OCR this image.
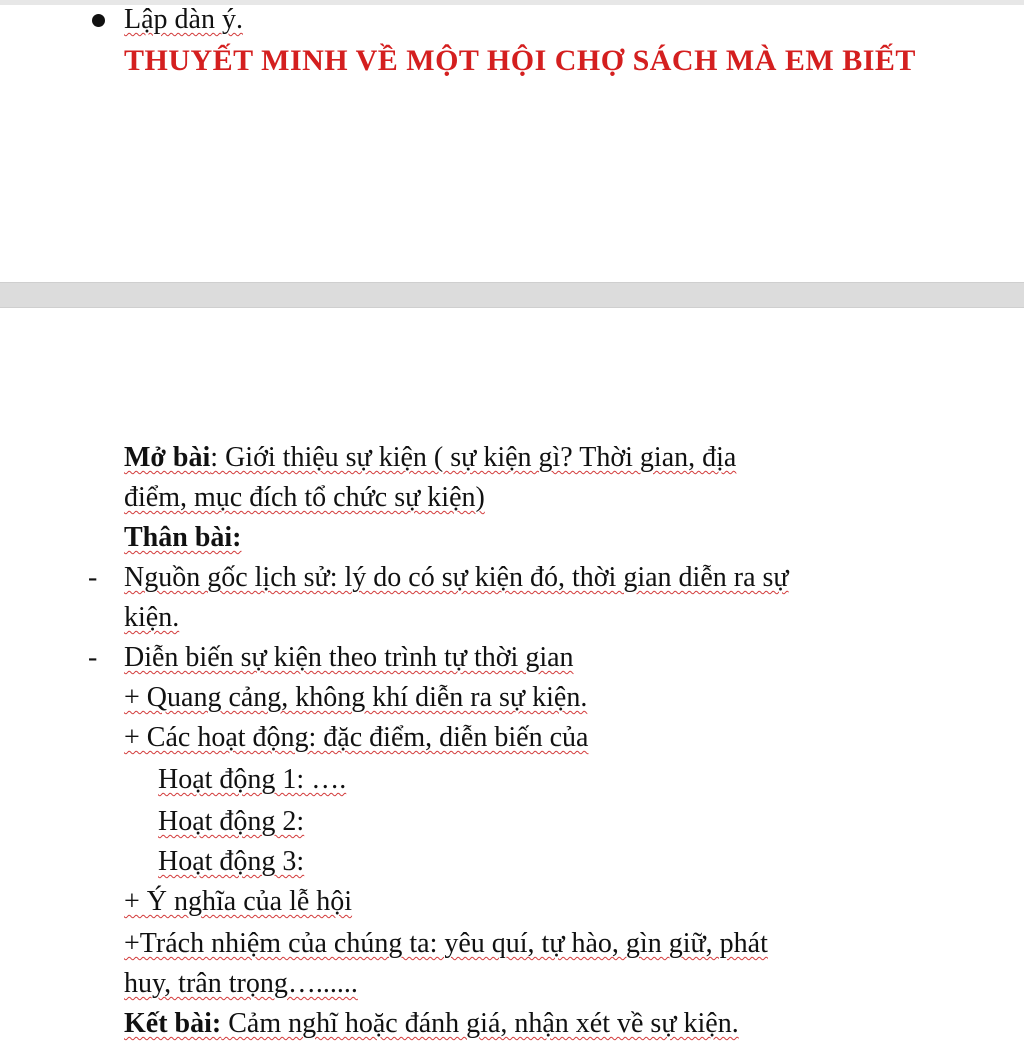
Lập dàn ý.
THUYẾT MINH VỀ MỘT HỘI CHỢ SÁCH MÀ EM BIẾT
Mở bài: Giới thiệu sự kiện ( sự kiện gì? Thời gian, địa
điểm, mục đích tổ chức sự kiện)
Thân bài:
- Nguồn gốc lịch sử: lý do có sự kiện đó, thời gian diễn ra sự
kiện.
- Diễn biến sự kiện theo trình tự thời gian
+ Quang cảng, không khí diễn ra sự kiện.
+ Các hoạt động: đặc điểm, diễn biến của
Hoạt động 1: ….
Hoạt động 2:
Hoạt động 3:
+ Ý nghĩa của lễ hội
+Trách nhiệm của chúng ta: yêu quí, tự hào, gìn giữ, phát
huy, trân trọng…......
Kết bài: Cảm nghĩ hoặc đánh giá, nhận xét về sự kiện.
